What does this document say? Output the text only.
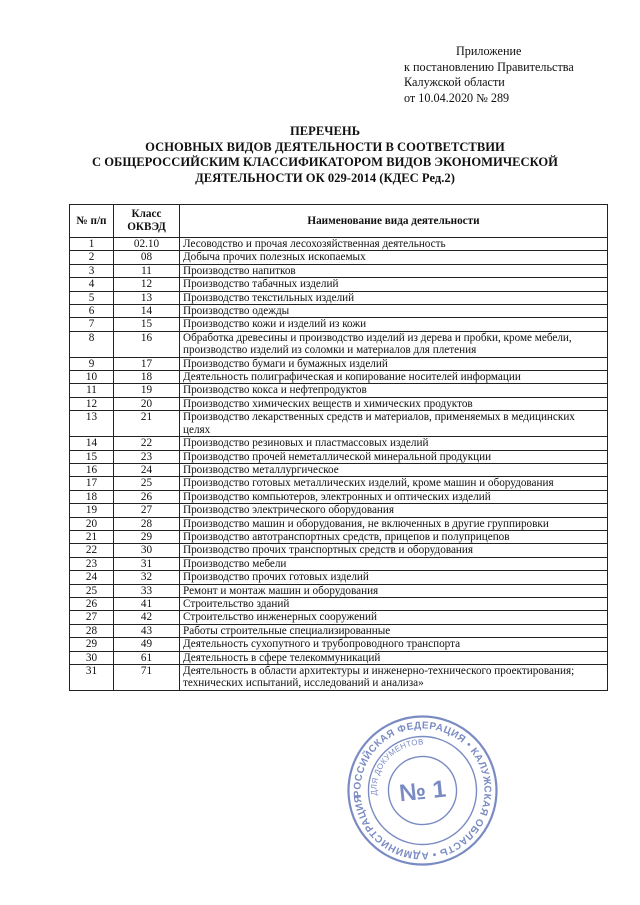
Приложение
к постановлению Правительства
Калужской области
от 10.04.2020 № 289
ПЕРЕЧЕНЬ
ОСНОВНЫХ ВИДОВ ДЕЯТЕЛЬНОСТИ В СООТВЕТСТВИИ
С ОБЩЕРОССИЙСКИМ КЛАССИФИКАТОРОМ ВИДОВ ЭКОНОМИЧЕСКОЙ
ДЕЯТЕЛЬНОСТИ ОК 029-2014 (КДЕС Ред.2)
№ п/п	Класс ОКВЭД	Наименование вида деятельности
1	02.10	Лесоводство и прочая лесохозяйственная деятельность
2	08	Добыча прочих полезных ископаемых
3	11	Производство напитков
4	12	Производство табачных изделий
5	13	Производство текстильных изделий
6	14	Производство одежды
7	15	Производство кожи и изделий из кожи
8	16	Обработка древесины и производство изделий из дерева и пробки, кроме мебели, производство изделий из соломки и материалов для плетения
9	17	Производство бумаги и бумажных изделий
10	18	Деятельность полиграфическая и копирование носителей информации
11	19	Производство кокса и нефтепродуктов
12	20	Производство химических веществ и химических продуктов
13	21	Производство лекарственных средств и материалов, применяемых в медицинских целях
14	22	Производство резиновых и пластмассовых изделий
15	23	Производство прочей неметаллической минеральной продукции
16	24	Производство металлургическое
17	25	Производство готовых металлических изделий, кроме машин и оборудования
18	26	Производство компьютеров, электронных и оптических изделий
19	27	Производство электрического оборудования
20	28	Производство машин и оборудования, не включенных в другие группировки
21	29	Производство автотранспортных средств, прицепов и полуприцепов
22	30	Производство прочих транспортных средств и оборудования
23	31	Производство мебели
24	32	Производство прочих готовых изделий
25	33	Ремонт и монтаж машин и оборудования
26	41	Строительство зданий
27	42	Строительство инженерных сооружений
28	43	Работы строительные специализированные
29	49	Деятельность сухопутного и трубопроводного транспорта
30	61	Деятельность в сфере телекоммуникаций
31	71	Деятельность в области архитектуры и инженерно-технического проектирования; технических испытаний, исследований и анализа»
РОССИЙСКАЯ ФЕДЕРАЦИЯ • КАЛУЖСКАЯ ОБЛАСТЬ • АДМИНИСТРАЦИЯ
ДЛЯ ДОКУМЕНТОВ
№ 1
